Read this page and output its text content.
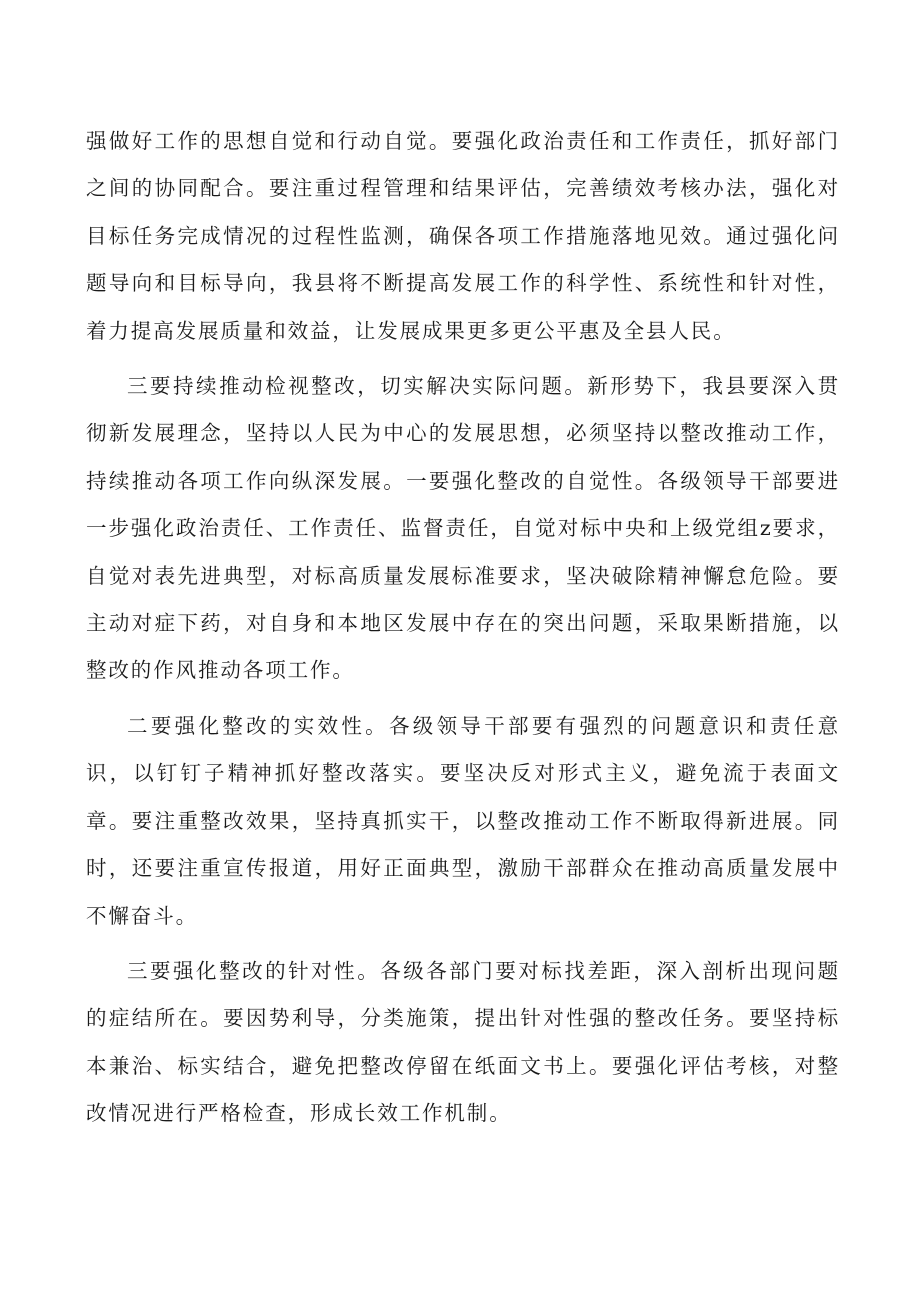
强做好工作的思想自觉和行动自觉。要强化政治责任和工作责任，抓好部门之间的协同配合。要注重过程管理和结果评估，完善绩效考核办法，强化对目标任务完成情况的过程性监测，确保各项工作措施落地见效。通过强化问题导向和目标导向，我县将不断提高发展工作的科学性、系统性和针对性，着力提高发展质量和效益，让发展成果更多更公平惠及全县人民。

三要持续推动检视整改，切实解决实际问题。新形势下，我县要深入贯彻新发展理念，坚持以人民为中心的发展思想，必须坚持以整改推动工作，持续推动各项工作向纵深发展。一要强化整改的自觉性。各级领导干部要进一步强化政治责任、工作责任、监督责任，自觉对标中央和上级党组z要求，自觉对表先进典型，对标高质量发展标准要求，坚决破除精神懈怠危险。要主动对症下药，对自身和本地区发展中存在的突出问题，采取果断措施，以整改的作风推动各项工作。

二要强化整改的实效性。各级领导干部要有强烈的问题意识和责任意识，以钉钉子精神抓好整改落实。要坚决反对形式主义，避免流于表面文章。要注重整改效果，坚持真抓实干，以整改推动工作不断取得新进展。同时，还要注重宣传报道，用好正面典型，激励干部群众在推动高质量发展中不懈奋斗。

三要强化整改的针对性。各级各部门要对标找差距，深入剖析出现问题的症结所在。要因势利导，分类施策，提出针对性强的整改任务。要坚持标本兼治、标实结合，避免把整改停留在纸面文书上。要强化评估考核，对整改情况进行严格检查，形成长效工作机制。
